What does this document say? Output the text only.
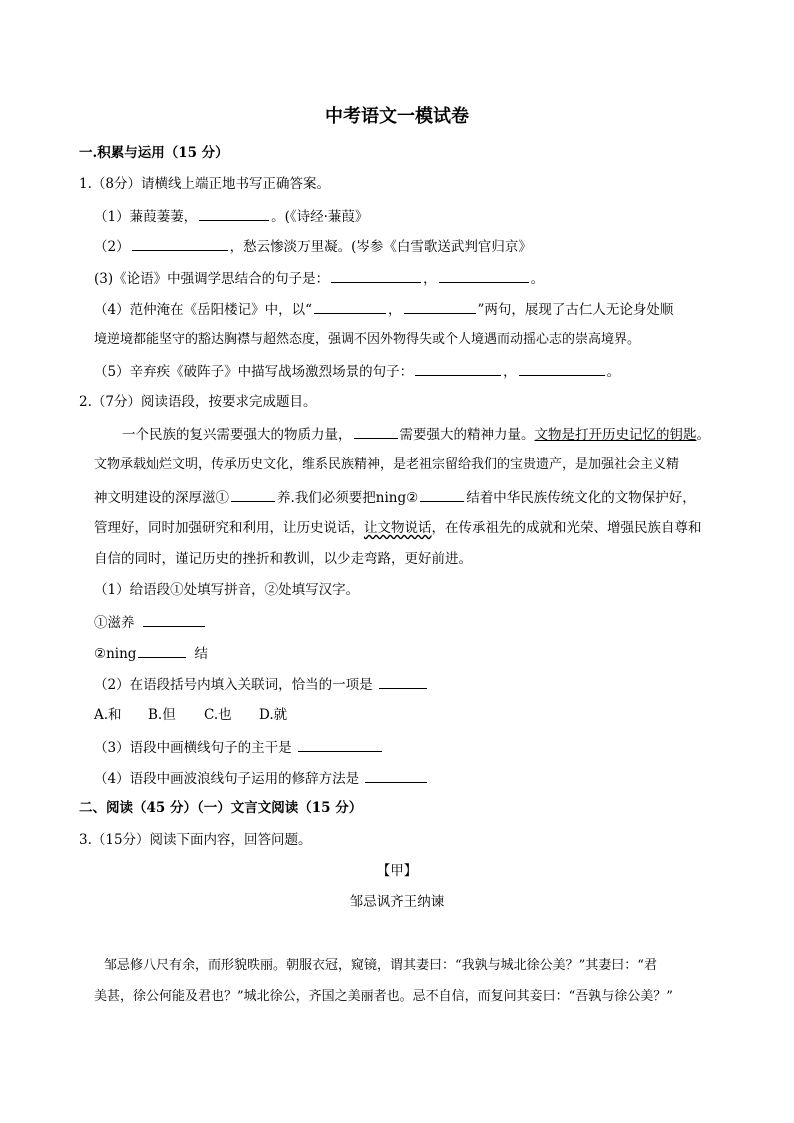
中考语文一模试卷
一.积累与运用（15 分）
1.（8分）请横线上端正地书写正确答案。
（1）蒹葭萋萋，	。(《诗经·蒹葭》
（2）	，愁云惨淡万里凝。(岑参《白雪歌送武判官归京》
(3)《论语》中强调学思结合的句子是：	，	。
（4）范仲淹在《岳阳楼记》中，以“	，	”两句，展现了古仁人无论身处顺
境逆境都能坚守的豁达胸襟与超然态度，强调不因外物得失或个人境遇而动摇心志的崇高境界。
（5）辛弃疾《破阵子》中描写战场激烈场景的句子：	，	。
2.（7分）阅读语段，按要求完成题目。
一个民族的复兴需要强大的物质力量，	需要强大的精神力量。文物是打开历史记忆的钥匙。
文物承载灿烂文明，传承历史文化，维系民族精神，是老祖宗留给我们的宝贵遗产，是加强社会主义精
神文明建设的深厚滋①	养.我们必须要把ning②	结着中华民族传统文化的文物保护好，
管理好，同时加强研究和利用，让历史说话，让文物说话，在传承祖先的成就和光荣、增强民族自尊和
自信的同时，谨记历史的挫折和教训，以少走弯路，更好前进。
（1）给语段①处填写拼音，②处填写汉字。
①滋养
②ning	结
（2）在语段括号内填入关联词，恰当的一项是
A.和 B.但 C.也 D.就
（3）语段中画横线句子的主干是
（4）语段中画波浪线句子运用的修辞方法是
二、阅读（45 分）（一）文言文阅读（15 分）
3.（15分）阅读下面内容，回答问题。
【甲】
邹忌讽齐王纳谏
邹忌修八尺有余，而形貌昳丽。朝服衣冠，窥镜，谓其妻曰：“我孰与城北徐公美？”其妻曰：“君
美甚，徐公何能及君也？”城北徐公，齐国之美丽者也。忌不自信，而复问其妾曰：“吾孰与徐公美？”
